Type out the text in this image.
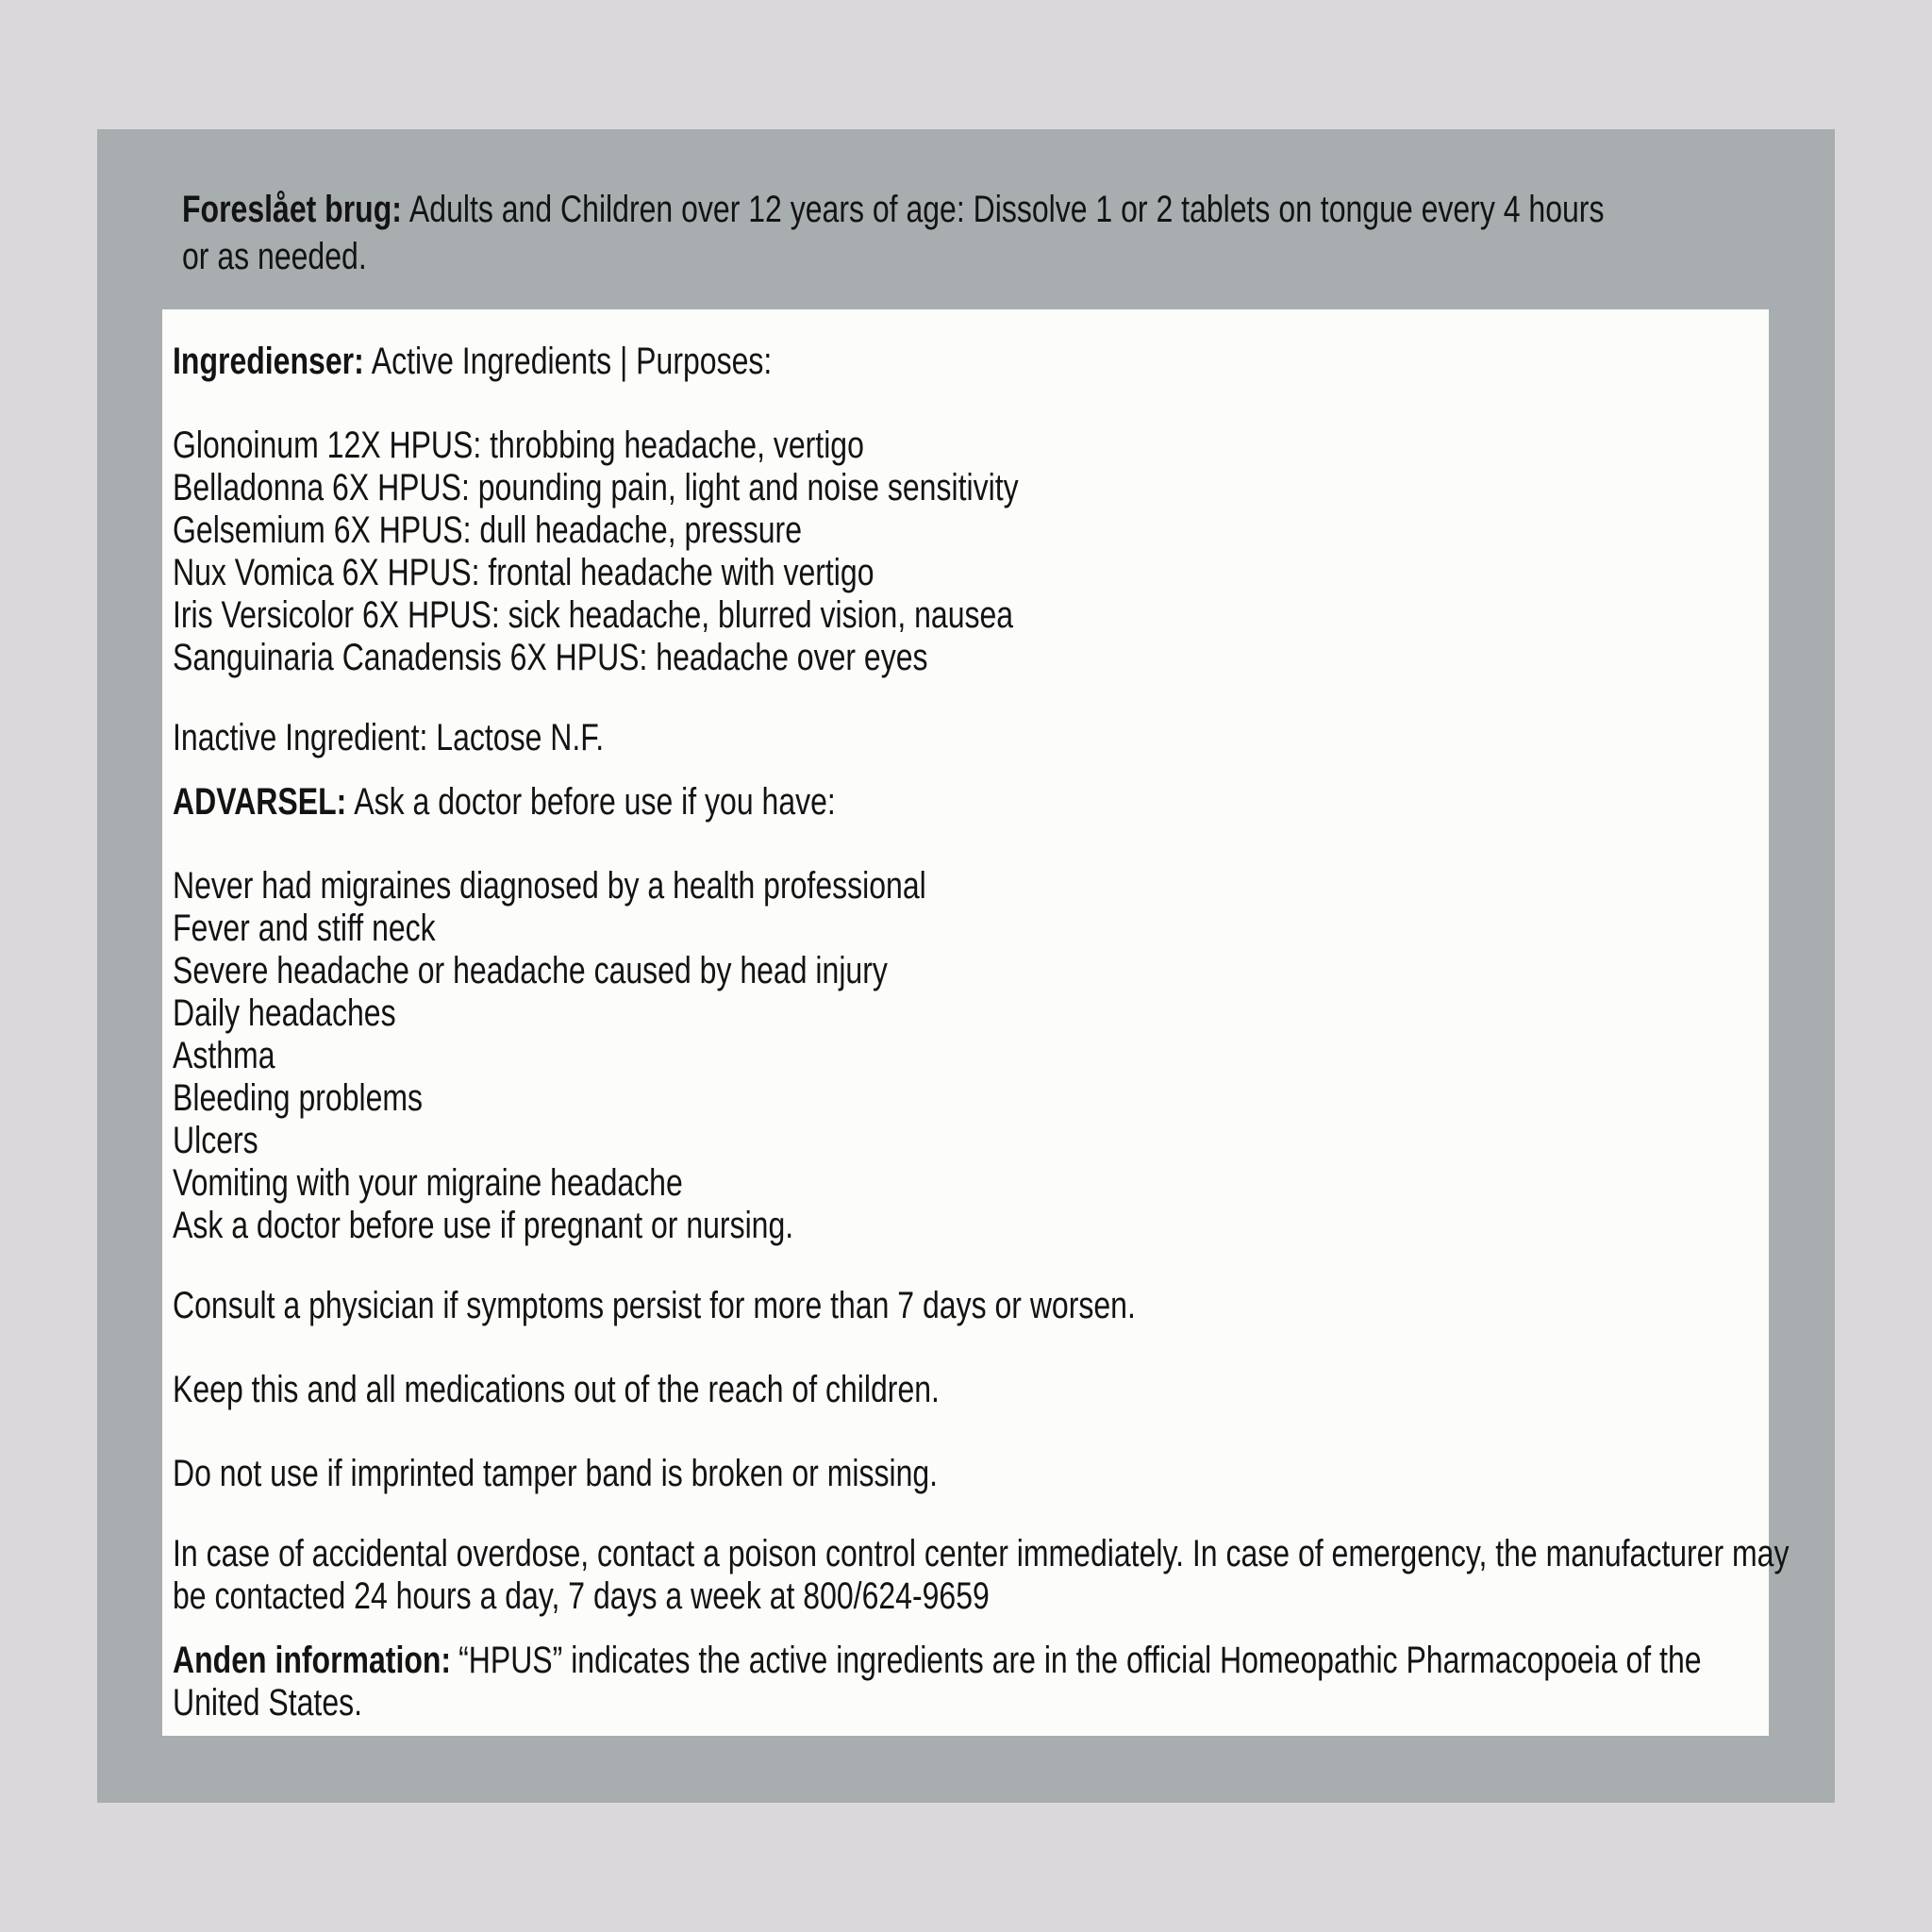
Foreslået brug: Adults and Children over 12 years of age: Dissolve 1 or 2 tablets on tongue every 4 hours
or as needed.
Ingredienser: Active Ingredients | Purposes:
Glonoinum 12X HPUS: throbbing headache, vertigo
Belladonna 6X HPUS: pounding pain, light and noise sensitivity
Gelsemium 6X HPUS: dull headache, pressure
Nux Vomica 6X HPUS: frontal headache with vertigo
Iris Versicolor 6X HPUS: sick headache, blurred vision, nausea
Sanguinaria Canadensis 6X HPUS: headache over eyes
Inactive Ingredient: Lactose N.F.
ADVARSEL: Ask a doctor before use if you have:
Never had migraines diagnosed by a health professional
Fever and stiff neck
Severe headache or headache caused by head injury
Daily headaches
Asthma
Bleeding problems
Ulcers
Vomiting with your migraine headache
Ask a doctor before use if pregnant or nursing.
Consult a physician if symptoms persist for more than 7 days or worsen.
Keep this and all medications out of the reach of children.
Do not use if imprinted tamper band is broken or missing.
In case of accidental overdose, contact a poison control center immediately. In case of emergency, the manufacturer may
be contacted 24 hours a day, 7 days a week at 800/624-9659
Anden information: “HPUS” indicates the active ingredients are in the official Homeopathic Pharmacopoeia of the
United States.
